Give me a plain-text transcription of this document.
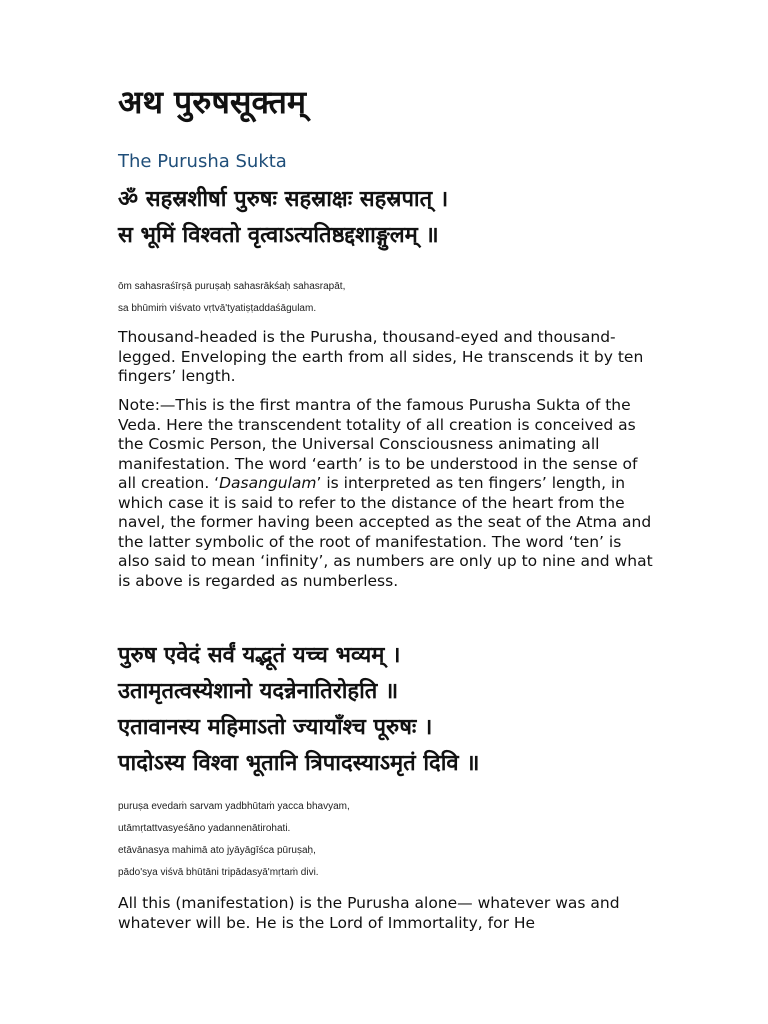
अथ पुरुषसूक्तम्
The Purusha Sukta
ॐ सहस्रशीर्षा पुरुषः सहस्राक्षः सहस्रपात् ।
स भूमिं विश्वतो वृत्वाऽत्यतिष्ठद्दशाङ्गुलम् ॥
ōm sahasraśīrṣā puruṣaḥ sahasrākśaḥ sahasrapāt,
sa bhūmiṁ viśvato vṛtvā'tyatiṣṭaddaśāgulam.
Thousand-headed is the Purusha, thousand-eyed and thousand-legged. Enveloping the earth from all sides, He transcends it by ten fingers’ length.
Note:—This is the first mantra of the famous Purusha Sukta of the Veda. Here the transcendent totality of all creation is conceived as the Cosmic Person, the Universal Consciousness animating all manifestation. The word ‘earth’ is to be understood in the sense of all creation. ‘Dasangulam’ is interpreted as ten fingers’ length, in which case it is said to refer to the distance of the heart from the navel, the former having been accepted as the seat of the Atma and the latter symbolic of the root of manifestation. The word ‘ten’ is also said to mean ‘infinity’, as numbers are only up to nine and what is above is regarded as numberless.
पुरुष एवेदं सर्वं यद्भूतं यच्च भव्यम् ।
उतामृतत्वस्येशानो यदन्नेनातिरोहति ॥
एतावानस्य महिमाऽतो ज्यायाँश्च पूरुषः ।
पादोऽस्य विश्वा भूतानि त्रिपादस्याऽमृतं दिवि ॥
puruṣa evedaṁ sarvam yadbhūtaṁ yacca bhavyam,
utāmṛtattvasyeśāno yadannenātirohati.
etāvānasya mahimā ato jyāyāgīśca pūruṣaḥ,
pādo'sya viśvā bhūtāni tripādasyā'mṛtaṁ divi.
All this (manifestation) is the Purusha alone— whatever was and whatever will be. He is the Lord of Immortality, for He
